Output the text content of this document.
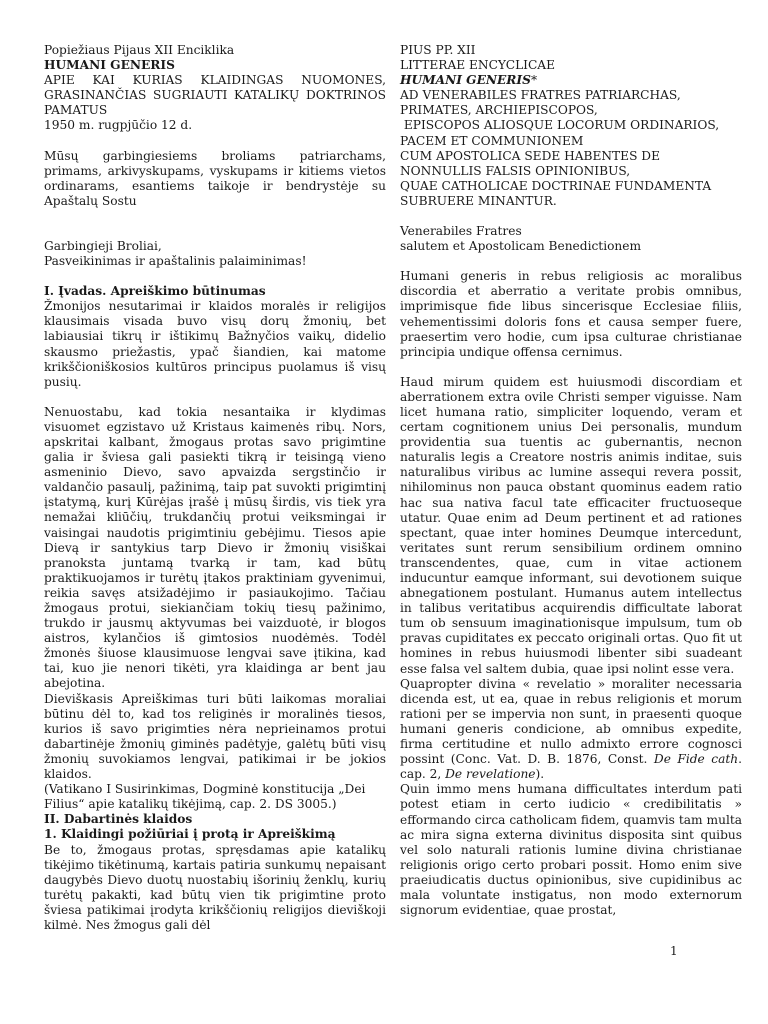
Popiežiaus Pijaus XII Enciklika

HUMANI GENERIS

APIE KAI KURIAS KLAIDINGAS NUOMONES, GRASINANČIAS SUGRIAUTI KATALIKŲ DOKTRINOS PAMATUS

1950 m. rugpjūčio 12 d.

Mūsų garbingiesiems broliams patriarchams, primams, arkivyskupams, vyskupams ir kitiems vietos ordinarams, esantiems taikoje ir bendrystėje su Apaštalų Sostu

Garbingieji Broliai,

Pasveikinimas ir apaštalinis palaiminimas!

I. Įvadas. Apreiškimo būtinumas

Žmonijos nesutarimai ir klaidos moralės ir religijos klausimais visada buvo visų dorų žmonių, bet labiausiai tikrų ir ištikimų Bažnyčios vaikų, didelio skausmo priežastis, ypač šiandien, kai matome krikščioniškosios kultūros principus puolamus iš visų pusių.

Nenuostabu, kad tokia nesantaika ir klydimas visuomet egzistavo už Kristaus kaimenės ribų. Nors, apskritai kalbant, žmogaus protas savo prigimtine galia ir šviesa gali pasiekti tikrą ir teisingą vieno asmeninio Dievo, savo apvaizda sergstinčio ir valdančio pasaulį, pažinimą, taip pat suvokti prigimtinį įstatymą, kurį Kūrėjas įrašė į mūsų širdis, vis tiek yra nemažai kliūčių, trukdančių protui veiksmingai ir vaisingai naudotis prigimtiniu gebėjimu. Tiesos apie Dievą ir santykius tarp Dievo ir žmonių visiškai pranoksta juntamą tvarką ir tam, kad būtų praktikuojamos ir turėtų įtakos praktiniam gyvenimui, reikia savęs atsižadėjimo ir pasiaukojimo. Tačiau žmogaus protui, siekiančiam tokių tiesų pažinimo, trukdo ir jausmų aktyvumas bei vaizduotė, ir blogos aistros, kylančios iš gimtosios nuodėmės. Todėl žmonės šiuose klausimuose lengvai save įtikina, kad tai, kuo jie nenori tikėti, yra klaidinga ar bent jau abejotina.

Dieviškasis Apreiškimas turi būti laikomas moraliai būtinu dėl to, kad tos religinės ir moralinės tiesos, kurios iš savo prigimties nėra neprieinamos protui dabartinėje žmonių giminės padėtyje, galėtų būti visų žmonių suvokiamos lengvai, patikimai ir be jokios klaidos.

(Vatikano I Susirinkimas, Dogminė konstitucija „Dei Filius“ apie katalikų tikėjimą, cap. 2. DS 3005.)

II. Dabartinės klaidos

1. Klaidingi požiūriai į protą ir Apreiškimą

Be to, žmogaus protas, spręsdamas apie katalikų tikėjimo tikėtinumą, kartais patiria sunkumų nepaisant daugybės Dievo duotų nuostabių išorinių ženklų, kurių turėtų pakakti, kad būtų vien tik prigimtine proto šviesa patikimai įrodyta krikščionių religijos dieviškoji kilmė. Nes žmogus gali dėl

PIUS PP. XII

LITTERAE ENCYCLICAE

HUMANI GENERIS*

AD VENERABILES FRATRES PATRIARCHAS,

PRIMATES, ARCHIEPISCOPOS,

EPISCOPOS ALIOSQUE LOCORUM ORDINARIOS,

PACEM ET COMMUNIONEM

CUM APOSTOLICA SEDE HABENTES DE

NONNULLIS FALSIS OPINIONIBUS,

QUAE CATHOLICAE DOCTRINAE FUNDAMENTA

SUBRUERE MINANTUR.

Venerabiles Fratres

salutem et Apostolicam Benedictionem

Humani generis in rebus religiosis ac moralibus discordia et aberratio a veritate probis omnibus, imprimisque fide libus sincerisque Ecclesiae filiis, vehementissimi doloris fons et causa semper fuere, praesertim vero hodie, cum ipsa culturae christianae principia undique offensa cernimus.

Haud mirum quidem est huiusmodi discordiam et aberrationem extra ovile Christi semper viguisse. Nam licet humana ratio, simpliciter loquendo, veram et certam cognitionem unius Dei personalis, mundum providentia sua tuentis ac gubernantis, necnon naturalis legis a Creatore nostris animis inditae, suis naturalibus viribus ac lumine assequi revera possit, nihilominus non pauca obstant quominus eadem ratio hac sua nativa facul tate efficaciter fructuoseque utatur. Quae enim ad Deum pertinent et ad rationes spectant, quae inter homines Deumque intercedunt, veritates sunt rerum sensibilium ordinem omnino transcendentes, quae, cum in vitae actionem inducuntur eamque informant, sui devotionem suique abnegationem postulant. Humanus autem intellectus in talibus veritatibus acquirendis difficultate laborat tum ob sensuum imaginationisque impulsum, tum ob pravas cupiditates ex peccato originali ortas. Quo fit ut homines in rebus huiusmodi libenter sibi suadeant esse falsa vel saltem dubia, quae ipsi nolint esse vera.

Quapropter divina « revelatio » moraliter necessaria dicenda est, ut ea, quae in rebus religionis et morum rationi per se impervia non sunt, in praesenti quoque humani generis condicione, ab omnibus expedite, firma certitudine et nullo admixto errore cognosci possint (Conc. Vat. D. B. 1876, Const. De Fide cath. cap. 2, De revelatione).

Quin immo mens humana difficultates interdum pati potest etiam in certo iudicio « credibilitatis » efformando circa catholicam fidem, quamvis tam multa ac mira signa externa divinitus disposita sint quibus vel solo naturali rationis lumine divina christianae religionis origo certo probari possit. Homo enim sive praeiudicatis ductus opinionibus, sive cupidinibus ac mala voluntate instigatus, non modo externorum signorum evidentiae, quae prostat,

1
